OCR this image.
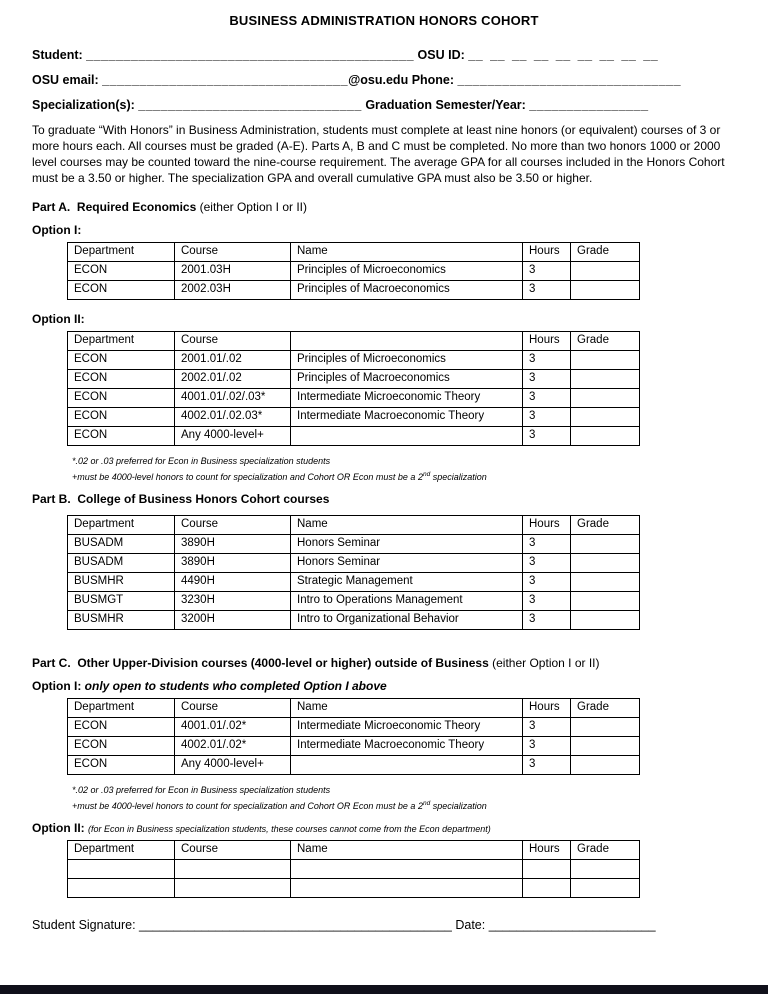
BUSINESS ADMINISTRATION HONORS COHORT
Student: ____________________________________________ OSU ID: __ __ __ __ __ __ __ __ __
OSU email: _________________________________@osu.edu Phone: ______________________________
Specialization(s): ______________________________ Graduation Semester/Year: ________________

To graduate “With Honors” in Business Administration, students must complete at least nine honors (or equivalent) courses of 3 or more hours each. All courses must be graded (A-E). Parts A, B and C must be completed. No more than two honors 1000 or 2000 level courses may be counted toward the nine-course requirement. The average GPA for all courses included in the Honors Cohort must be a 3.50 or higher. The specialization GPA and overall cumulative GPA must also be 3.50 or higher.

Part A.  Required Economics (either Option I or II)
Option I:
Department	Course	Name	Hours	Grade
ECON	2001.03H	Principles of Microeconomics	3	
ECON	2002.03H	Principles of Macroeconomics	3	
Option II:
Department	Course		Hours	Grade
ECON	2001.01/.02	Principles of Microeconomics	3	
ECON	2002.01/.02	Principles of Macroeconomics	3	
ECON	4001.01/.02/.03*	Intermediate Microeconomic Theory	3	
ECON	4002.01/.02.03*	Intermediate Macroeconomic Theory	3	
ECON	Any 4000-level+		3	
*.02 or .03 preferred for Econ in Business specialization students
+must be 4000-level honors to count for specialization and Cohort OR Econ must be a 2nd specialization
Part B.  College of Business Honors Cohort courses
Department	Course	Name	Hours	Grade
BUSADM	3890H	Honors Seminar	3	
BUSADM	3890H	Honors Seminar	3	
BUSMHR	4490H	Strategic Management	3	
BUSMGT	3230H	Intro to Operations Management	3	
BUSMHR	3200H	Intro to Organizational Behavior	3	
Part C.  Other Upper-Division courses (4000-level or higher) outside of Business (either Option I or II)
Option I: only open to students who completed Option I above
Department	Course	Name	Hours	Grade
ECON	4001.01/.02*	Intermediate Microeconomic Theory	3	
ECON	4002.01/.02*	Intermediate Macroeconomic Theory	3	
ECON	Any 4000-level+		3	
*.02 or .03 preferred for Econ in Business specialization students
+must be 4000-level honors to count for specialization and Cohort OR Econ must be a 2nd specialization
Option II: (for Econ in Business specialization students, these courses cannot come from the Econ department)
Department	Course	Name	Hours	Grade

Student Signature: _____________________________________________ Date: ________________________
